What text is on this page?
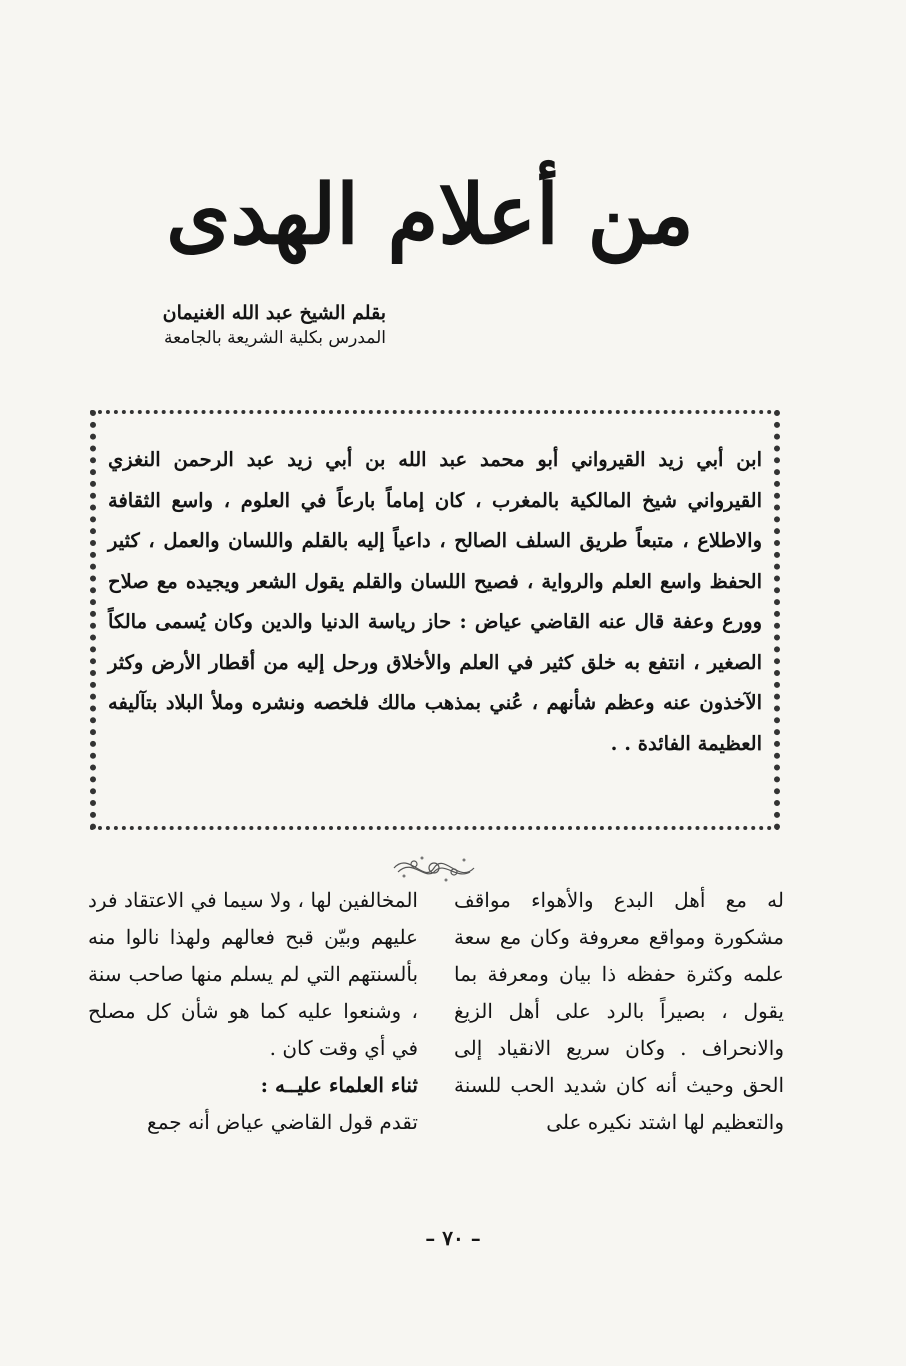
من أعلام الهدى
بقلم الشيخ عبد الله الغنيمان
المدرس بكلية الشريعة بالجامعة
ابن أبي زيد القيرواني أبو محمد عبد الله بن أبي زيد عبد الرحمن النغزي القيرواني شيخ المالكية بالمغرب ، كان إماماً بارعاً في العلوم ، واسع الثقافة والاطلاع ، متبعاً طريق السلف الصالح ، داعياً إليه بالقلم واللسان والعمل ، كثير الحفظ واسع العلم والرواية ، فصيح اللسان والقلم يقول الشعر ويجيده مع صلاح وورع وعفة قال عنه القاضي عياض : حاز رياسة الدنيا والدين وكان يُسمى مالكاً الصغير ، انتفع به خلق كثير في العلم والأخلاق ورحل إليه من أقطار الأرض وكثر الآخذون عنه وعظم شأنهم ، عُني بمذهب مالك فلخصه ونشره وملأ البلاد بتآليفه العظيمة الفائدة . .
له مع أهل البدع والأهواء مواقف مشكورة ومواقع معروفة وكان مع سعة علمه وكثرة حفظه ذا بيان ومعرفة بما يقول ، بصيراً بالرد على أهل الزيغ والانحراف . وكان سريع الانقياد إلى الحق وحيث أنه كان شديد الحب للسنة والتعظيم لها اشتد نكيره على
المخالفين لها ، ولا سيما في الاعتقاد فرد عليهم وبيّن قبح فعالهم ولهذا نالوا منه بألسنتهم التي لم يسلم منها صاحب سنة ، وشنعوا عليه كما هو شأن كل مصلح في أي وقت كان .
ثناء العلماء عليــه :
تقدم قول القاضي عياض أنه جمع
– ٧٠ –
